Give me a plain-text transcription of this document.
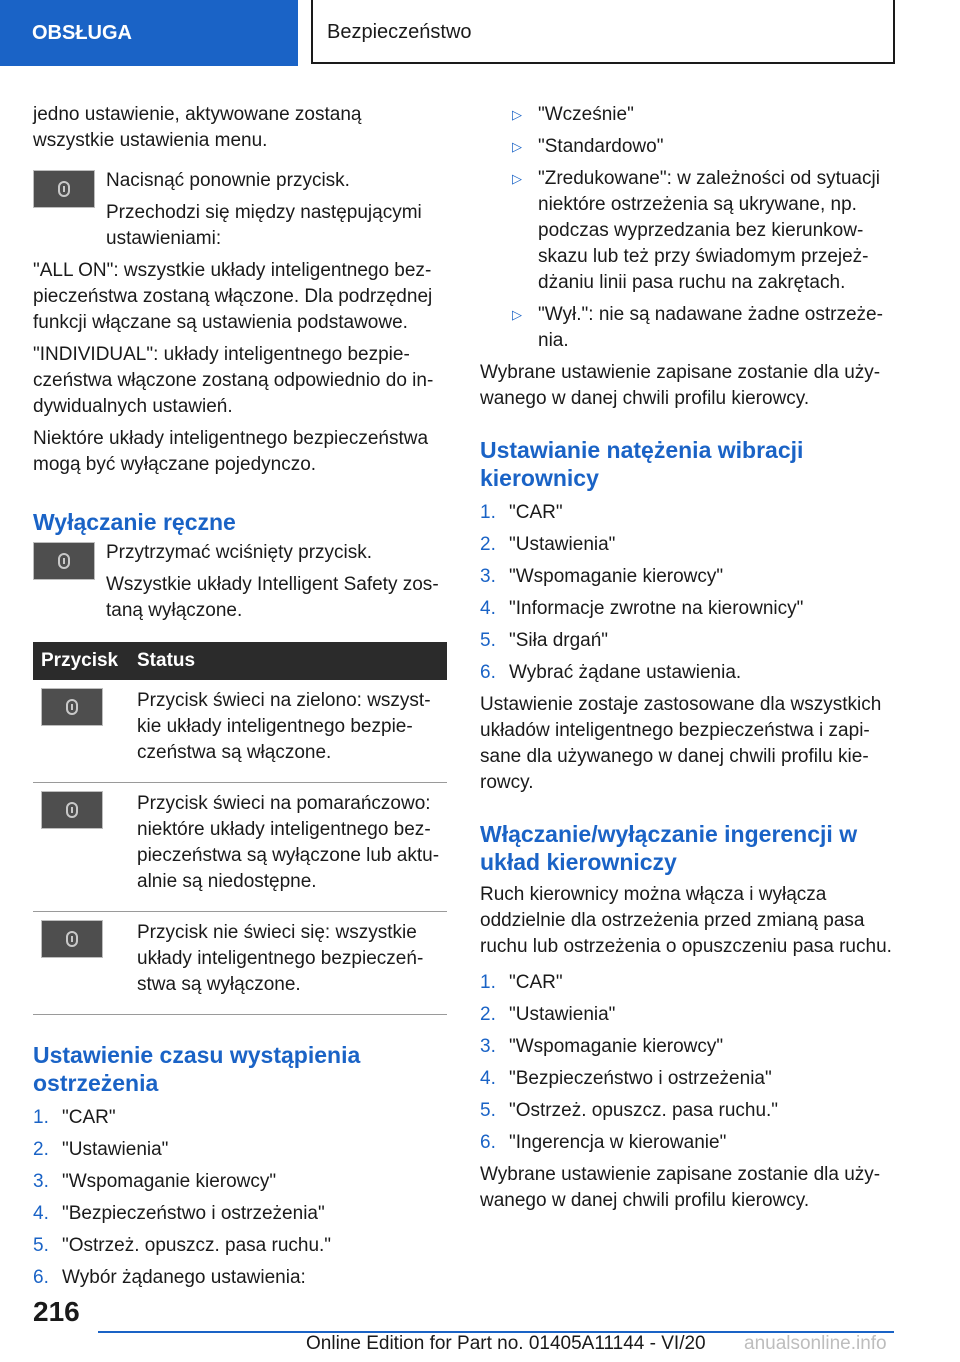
OBSŁUGA	Bezpieczeństwo

jedno ustawienie, aktywowane zostaną wszystkie ustawienia menu.

Nacisnąć ponownie przycisk.

Przechodzi się między następującymi ustawieniami:

"ALL ON": wszystkie układy inteligentnego bezpieczeństwa zostaną włączone. Dla podrzędnej funkcji włączane są ustawienia podstawowe.

"INDIVIDUAL": układy inteligentnego bezpieczeństwa włączone zostaną odpowiednio do indywidualnych ustawień.

Niektóre układy inteligentnego bezpieczeństwa mogą być wyłączane pojedynczo.

Wyłączanie ręczne

Przytrzymać wciśnięty przycisk.

Wszystkie układy Intelligent Safety zostaną wyłączone.

Przycisk	Status

	Przycisk świeci na zielono: wszystkie układy inteligentnego bezpieczeństwa są włączone.

	Przycisk świeci na pomarańczowo: niektóre układy inteligentnego bezpieczeństwa są wyłączone lub aktualnie są niedostępne.

	Przycisk nie świeci się: wszystkie układy inteligentnego bezpieczeństwa są wyłączone.
Ustawienie czasu wystąpienia ostrzeżenia
1. "CAR"
2. "Ustawienia"
3. "Wspomaganie kierowcy"
4. "Bezpieczeństwo i ostrzeżenia"
5. "Ostrzeż. opuszcz. pasa ruchu."
6. Wybór żądanego ustawienia:
▷ "Wcześnie"
▷ "Standardowo"
▷ "Zredukowane": w zależności od sytuacji niektóre ostrzeżenia są ukrywane, np. podczas wyprzedzania bez kierunkowskazu lub też przy świadomym przejeżdżaniu linii pasa ruchu na zakrętach.
▷ "Wył.": nie są nadawane żadne ostrzeżenia.

Wybrane ustawienie zapisane zostanie dla używanego w danej chwili profilu kierowcy.

Ustawianie natężenia wibracji kierownicy
1. "CAR"
2. "Ustawienia"
3. "Wspomaganie kierowcy"
4. "Informacje zwrotne na kierownicy"
5. "Siła drgań"
6. Wybrać żądane ustawienia.

Ustawienie zostaje zastosowane dla wszystkich układów inteligentnego bezpieczeństwa i zapisane dla używanego w danej chwili profilu kierowcy.

Włączanie/wyłączanie ingerencji w układ kierowniczy

Ruch kierownicy można włącza i wyłącza oddzielnie dla ostrzeżenia przed zmianą pasa ruchu lub ostrzeżenia o opuszczeniu pasa ruchu.

1. "CAR"
2. "Ustawienia"
3. "Wspomaganie kierowcy"
4. "Bezpieczeństwo i ostrzeżenia"
5. "Ostrzeż. opuszcz. pasa ruchu."
6. "Ingerencja w kierowanie"

Wybrane ustawienie zapisane zostanie dla używanego w danej chwili profilu kierowcy.

216
Online Edition for Part no. 01405A11144 - VI/20 anualsonline.info
